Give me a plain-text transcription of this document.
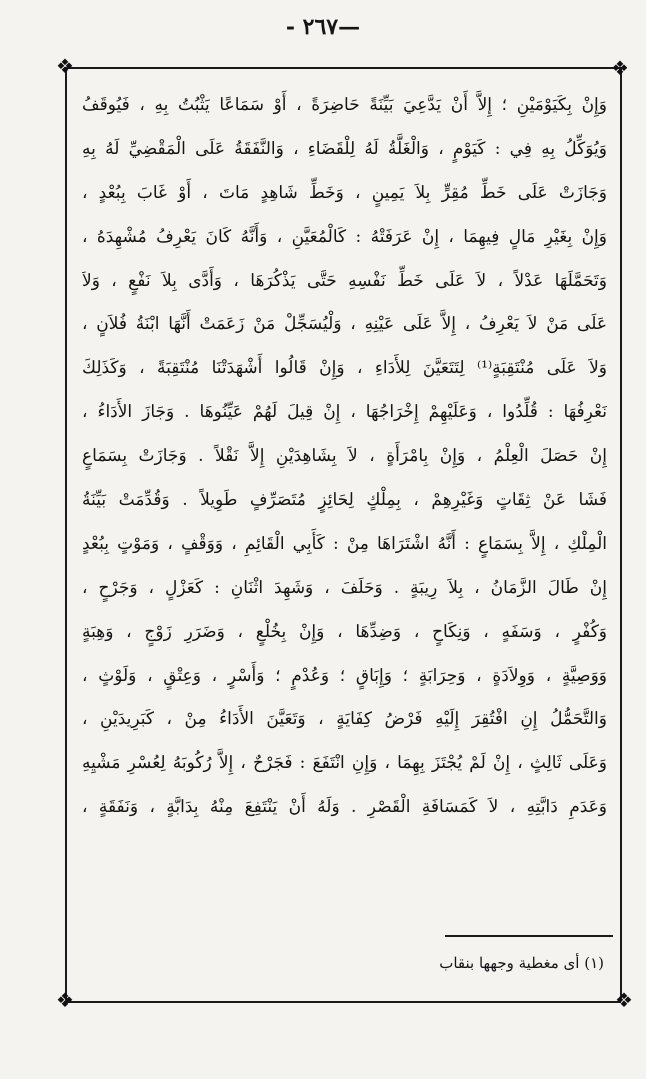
—٢٦٧ -
❖	❖
❖	❖
وَإِنْ بِكَيَوْمَيْنِ ؛ إِلاَّ أَنْ يَدَّعِيَ بَيِّنَةً حَاضِرَةً ، أَوْ سَمَاعًا يَثْبُتُ بِهِ ، فَيُوقَفُ
وَيُوَكِّلُ بِهِ فِي : كَيَوْمٍ ، وَالْغَلَّةُ لَهُ لِلْقَضَاءِ ، وَالنَّفَقَةُ عَلَى الْمَقْضِيِّ لَهُ بِهِ
وَجَازَتْ عَلَى خَطِّ مُقِرٍّ بِلاَ يَمِينٍ ، وَخَطِّ شَاهِدٍ مَاتَ ، أَوْ غَابَ بِبُعْدٍ ،
وَإِنْ بِغَيْرِ مَالٍ فِيهِمَا ، إِنْ عَرَفَتْهُ : كَالْمُعَيَّنِ ، وَأَنَّهُ كَانَ يَعْرِفُ مُشْهِدَهُ ،
وَتَحَمَّلَهَا عَدْلاً ، لاَ عَلَى خَطِّ نَفْسِهِ حَتَّى يَذْكُرَهَا ، وَأَدَّى بِلاَ نَفْعٍ ، وَلاَ
عَلَى مَنْ لاَ يَعْرِفُ ، إِلاَّ عَلَى عَيْنِهِ ، وَلْيُسَجِّلْ مَنْ زَعَمَتْ أَنَّهَا ابْنَةُ فُلاَنٍ ،
وَلاَ عَلَى مُنْتَقِبَةٍ⁽¹⁾ لِتَتَعَيَّنَ لِلأَدَاءِ ، وَإِنْ قَالُوا أَشْهَدَتْنَا مُنْتَقِبَةً ، وَكَذَلِكَ
نَعْرِفُهَا : قُلِّدُوا ، وَعَلَيْهِمْ إِخْرَاجُهَا ، إِنْ قِيلَ لَهُمْ عَيِّنُوهَا . وَجَازَ الأَدَاءُ ،
إِنْ حَصَلَ الْعِلْمُ ، وَإِنْ بِامْرَأَةٍ ، لاَ بِشَاهِدَيْنِ إِلاَّ نَقْلاً . وَجَازَتْ بِسَمَاعٍ
فَشَا عَنْ ثِقَاتٍ وَغَيْرِهِمْ ، بِمِلْكٍ لِحَائِزٍ مُتَصَرِّفٍ طَوِيلاً . وَقُدِّمَتْ بَيِّنَةُ
الْمِلْكِ ، إِلاَّ بِسَمَاعٍ : أَنَّهُ اشْتَرَاهَا مِنْ : كَأَبِي الْقَائِمِ ، وَوَقْفٍ ، وَمَوْتٍ بِبُعْدٍ
إِنْ طَالَ الزَّمَانُ ، بِلاَ رِيبَةٍ . وَحَلَفَ ، وَشَهِدَ اثْنَانِ : كَعَزْلٍ ، وَجَرْحٍ ،
وَكُفْرٍ ، وَسَفَهٍ ، وَنِكَاحٍ ، وَضِدِّهَا ، وَإِنْ بِخُلْعٍ ، وَضَرَرِ زَوْجٍ ، وَهِبَةٍ
وَوَصِيَّةٍ ، وَوِلاَدَةٍ ، وَحِرَابَةٍ ؛ وَإِبَاقٍ ؛ وَعُدْمٍ ؛ وَأَسْرٍ ، وَعِتْقٍ ، وَلَوْثٍ ،
وَالتَّحَمُّلُ إِنِ افْتُقِرَ إِلَيْهِ فَرْضُ كِفَايَةٍ ، وَتَعَيَّنَ الأَدَاءُ مِنْ ، كَبَرِيدَيْنِ ،
وَعَلَى ثَالِثٍ ، إِنْ لَمْ يُجْتَزَ بِهِمَا ، وَإِنِ انْتَفَعَ : فَجَرْحٌ ، إِلاَّ رُكُوبَهُ لِعُسْرِ مَشْيِهِ
وَعَدَمِ دَابَّتِهِ ، لاَ كَمَسَافَةِ الْقَصْرِ . وَلَهُ أَنْ يَنْتَفِعَ مِنْهُ بِدَابَّةٍ ، وَنَفَقَةٍ ،
(١) أى مغطية وجهها بنقاب
